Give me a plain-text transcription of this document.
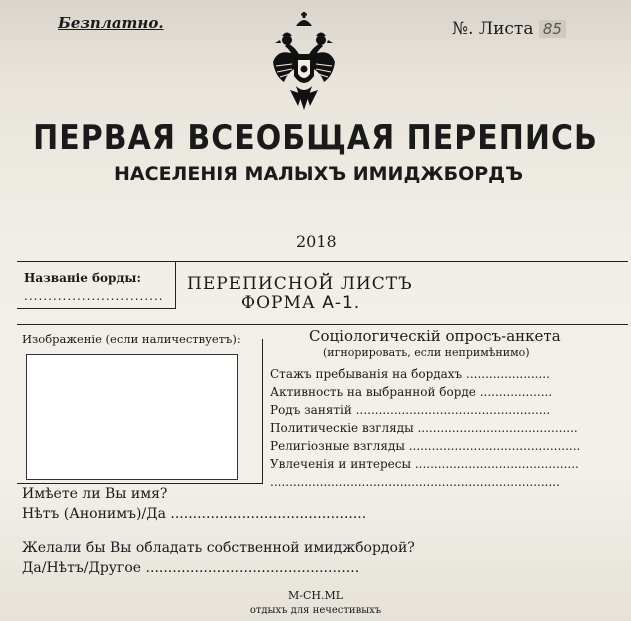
Безплатно.	№. Листа 85
ПЕРВАЯ ВСЕОБЩАЯ ПЕРЕПИСЬ
НАСЕЛЕНІЯ МАЛЫХЪ ИМИДЖБОРДЪ
2018
Названіе борды:
.............................
ПЕРЕПИСНОЙ ЛИСТЪ
ФОРМА А-1.
Изображеніе (если наличествуетъ):	Соціологическій опросъ-анкета
(игнорировать, если непримѣнимо)
Стажъ пребыванія на бордахъ ......................
Активность на выбранной борде ...................
Родъ занятій ...................................................
Политическіе взгляды ..........................................
Религіозные взгляды .............................................
Увлеченія и интересы ...........................................
............................................................................
Имѣете ли Вы имя?
Нѣтъ (Анонимъ)/Да ............................................
Желали бы Вы обладать собственной имиджбордой?
Да/Нѣтъ/Другое ................................................
M-CH.ML
отдыхъ для нечестивыхъ
